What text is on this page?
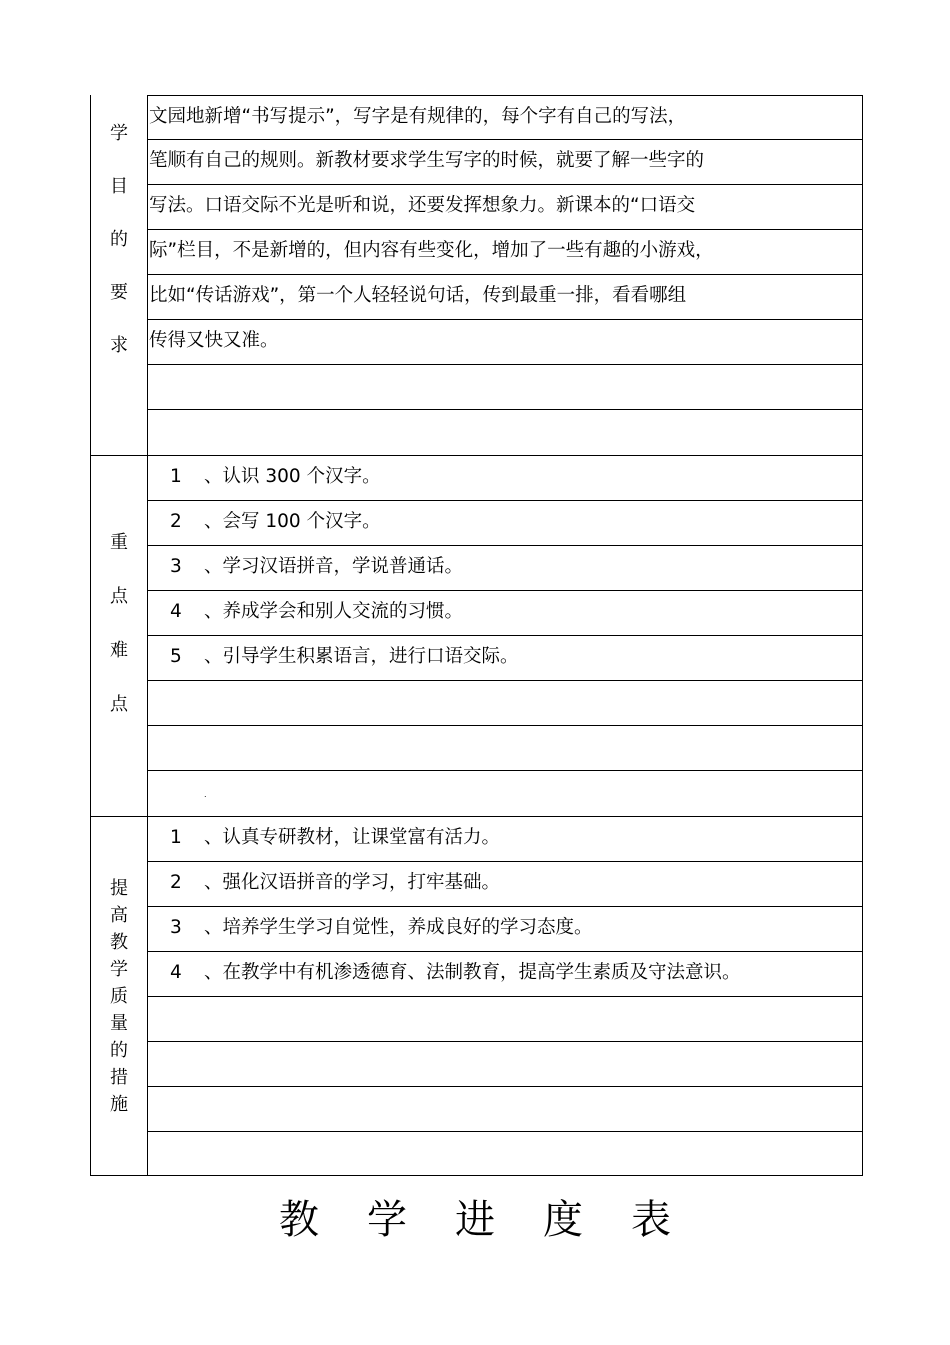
学
目
的
要
求
文园地新增“书写提示”，写字是有规律的，每个字有自己的写法，
笔顺有自己的规则。新教材要求学生写字的时候，就要了解一些字的
写法。口语交际不光是听和说，还要发挥想象力。新课本的“口语交
际”栏目，不是新增的，但内容有些变化，增加了一些有趣的小游戏，
比如“传话游戏”，第一个人轻轻说句话，传到最重一排，看看哪组
传得又快又准。
重
点
难
点
1 、认识 300 个汉字。
2 、会写 100 个汉字。
3 、学习汉语拼音，学说普通话。
4 、养成学会和别人交流的习惯。
5 、引导学生积累语言，进行口语交际。
.
提
高
教
学
质
量
的
措
施
1 、认真专研教材，让课堂富有活力。
2 、强化汉语拼音的学习，打牢基础。
3 、培养学生学习自觉性，养成良好的学习态度。
4 、在教学中有机渗透德育、法制教育，提高学生素质及守法意识。
教学进度表
